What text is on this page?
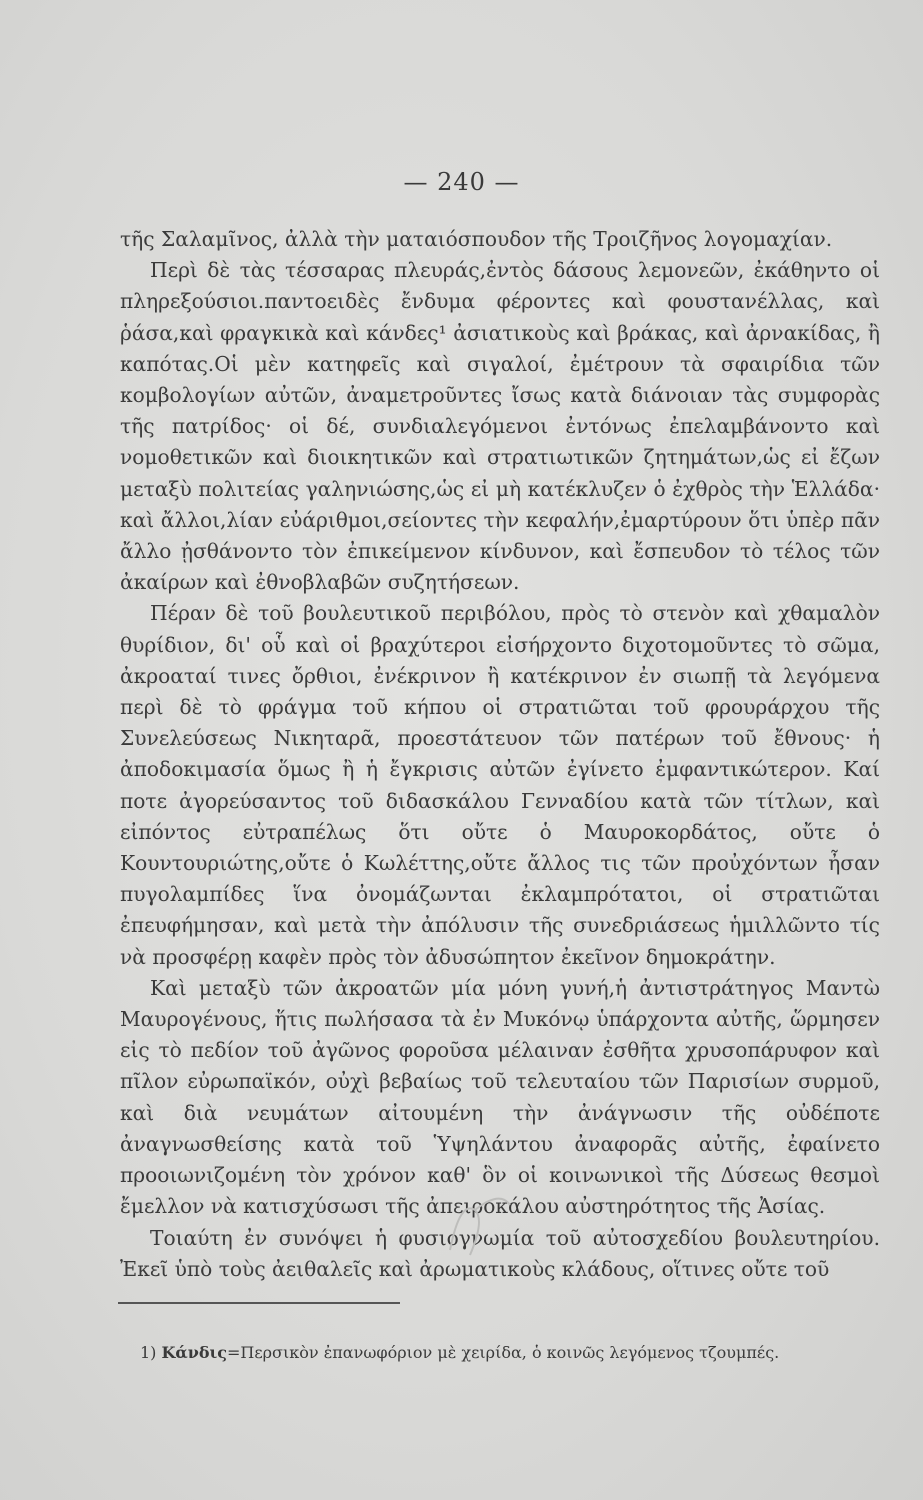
— 240 —

τῆς Σαλαμῖνος, ἀλλὰ τὴν ματαιόσπουδον τῆς Τροιζῆνος λογομαχίαν.

Περὶ δὲ τὰς τέσσαρας πλευράς,ἐντὸς δάσους λεμονεῶν, ἐκάθηντο οἱ πληρεξούσιοι.παντοειδὲς ἔνδυμα φέροντες καὶ φουστανέλλας, καὶ ῥάσα,καὶ φραγκικὰ καὶ κάνδες¹ ἀσιατικοὺς καὶ βράκας, καὶ ἀρνακίδας, ἢ καπότας.Οἱ μὲν κατηφεῖς καὶ σιγαλοί, ἐμέτρουν τὰ σφαιρίδια τῶν κομβολογίων αὐτῶν, ἀναμετροῦντες ἴσως κατὰ διάνοιαν τὰς συμφορὰς τῆς πατρίδος· οἱ δέ, συνδιαλεγόμενοι ἐντόνως ἐπελαμβάνοντο καὶ νομοθετικῶν καὶ διοικητικῶν καὶ στρατιωτικῶν ζητημάτων,ὡς εἰ ἔζων μεταξὺ πολιτείας γαληνιώσης,ὡς εἰ μὴ κατέκλυζεν ὁ ἐχθρὸς τὴν Ἑλλάδα· καὶ ἄλλοι,λίαν εὐάριθμοι,σείοντες τὴν κεφαλήν,ἐμαρτύρουν ὅτι ὑπὲρ πᾶν ἄλλο ᾐσθάνοντο τὸν ἐπικείμενον κίνδυνον, καὶ ἔσπευδον τὸ τέλος τῶν ἀκαίρων καὶ ἐθνοβλαβῶν συζητήσεων.

Πέραν δὲ τοῦ βουλευτικοῦ περιβόλου, πρὸς τὸ στενὸν καὶ χθαμαλὸν θυρίδιον, δι' οὗ καὶ οἱ βραχύτεροι εἰσήρχοντο διχοτομοῦντες τὸ σῶμα, ἀκροαταί τινες ὄρθιοι, ἐνέκρινον ἢ κατέκρινον ἐν σιωπῇ τὰ λεγόμενα περὶ δὲ τὸ φράγμα τοῦ κήπου οἱ στρατιῶται τοῦ φρουράρχου τῆς Συνελεύσεως Νικηταρᾶ, προεστάτευον τῶν πατέρων τοῦ ἔθνους· ἡ ἀποδοκιμασία ὅμως ἢ ἡ ἔγκρισις αὐτῶν ἐγίνετο ἐμφαντικώτερον. Καί ποτε ἀγορεύσαντος τοῦ διδασκάλου Γενναδίου κατὰ τῶν τίτλων, καὶ εἰπόντος εὐτραπέλως ὅτι οὔτε ὁ Μαυροκορδάτος, οὔτε ὁ Κουντουριώτης,οὔτε ὁ Κωλέττης,οὔτε ἄλλος τις τῶν προὐχόντων ἦσαν πυγολαμπίδες ἵνα ὀνομάζωνται ἐκλαμπρότατοι, οἱ στρατιῶται ἐπευφήμησαν, καὶ μετὰ τὴν ἀπόλυσιν τῆς συνεδριάσεως ἡμιλλῶντο τίς νὰ προσφέρῃ καφὲν πρὸς τὸν ἀδυσώπητον ἐκεῖνον δημοκράτην.

Καὶ μεταξὺ τῶν ἀκροατῶν μία μόνη γυνή,ἡ ἀντιστράτηγος Μαντὼ Μαυρογένους, ἥτις πωλήσασα τὰ ἐν Μυκόνῳ ὑπάρχοντα αὐτῆς, ὥρμησεν εἰς τὸ πεδίον τοῦ ἀγῶνος φοροῦσα μέλαιναν ἐσθῆτα χρυσοπάρυφον καὶ πῖλον εὐρωπαϊκόν, οὐχὶ βεβαίως τοῦ τελευταίου τῶν Παρισίων συρμοῦ, καὶ διὰ νευμάτων αἰτουμένη τὴν ἀνάγνωσιν τῆς οὐδέποτε ἀναγνωσθείσης κατὰ τοῦ Ὑψηλάντου ἀναφορᾶς αὐτῆς, ἐφαίνετο προοιωνιζομένη τὸν χρόνον καθ' ὃν οἱ κοινωνικοὶ τῆς Δύσεως θεσμοὶ ἔμελλον νὰ κατισχύσωσι τῆς ἀπειροκάλου αὐστηρότητος τῆς Ἀσίας.

Τοιαύτη ἐν συνόψει ἡ φυσιογνωμία τοῦ αὐτοσχεδίου βουλευτηρίου. Ἐκεῖ ὑπὸ τοὺς ἀειθαλεῖς καὶ ἀρωματικοὺς κλάδους, οἵτινες οὔτε τοῦ

1) Κάνδις=Περσικὸν ἐπανωφόριον μὲ χειρίδα, ὁ κοινῶς λεγόμενος τζουμπές.
